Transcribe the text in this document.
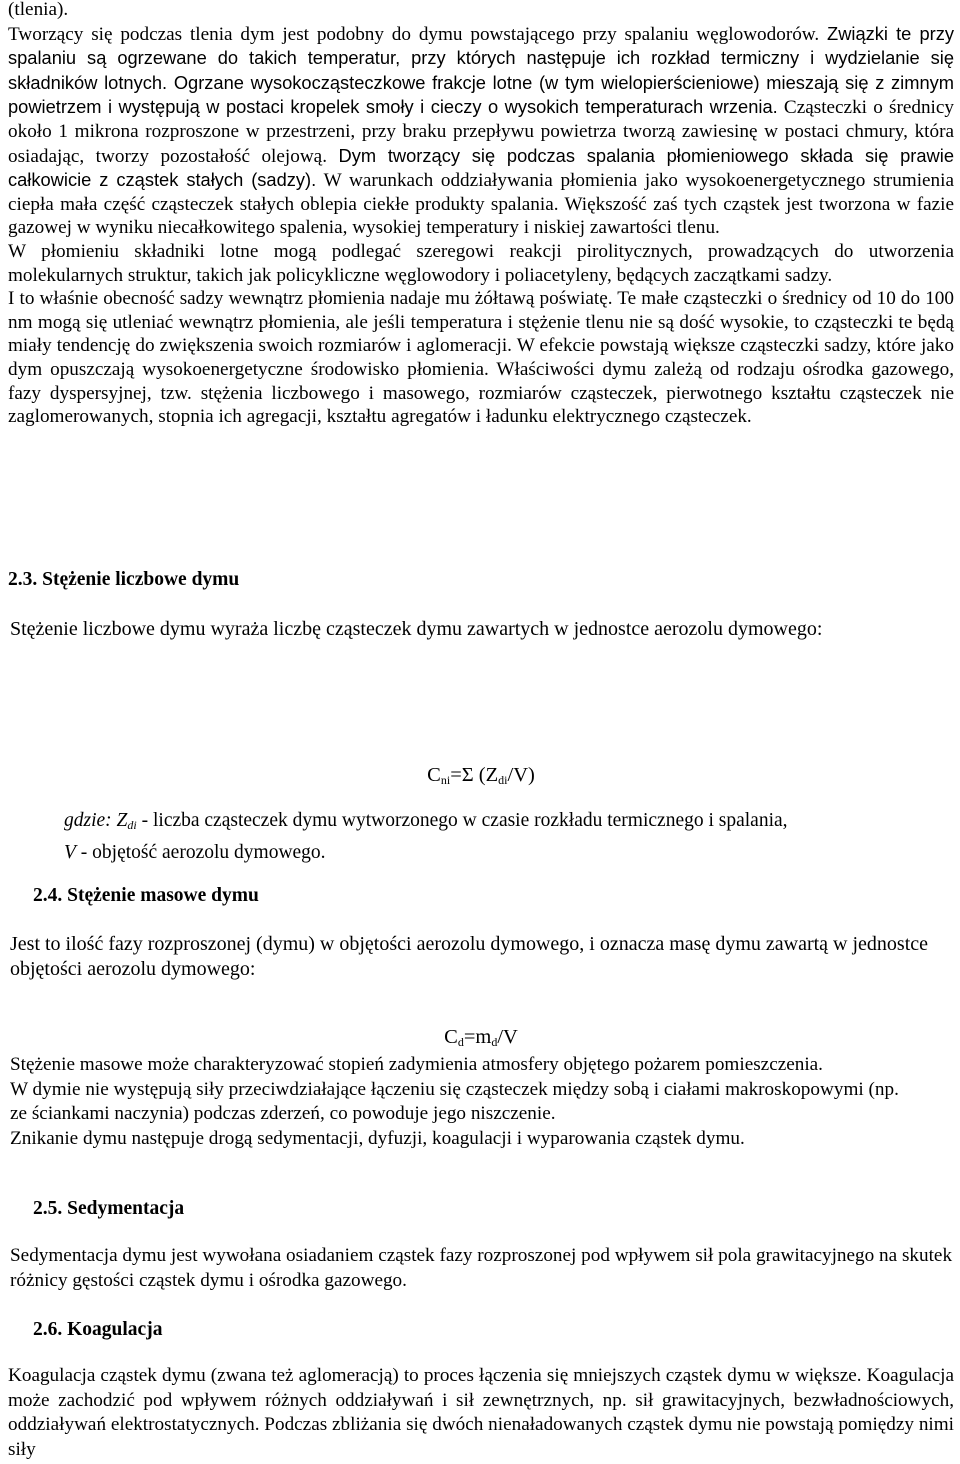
(tlenia).

Tworzący się podczas tlenia dym jest podobny do dymu powstającego przy spalaniu węglowodorów. Związki te przy spalaniu są ogrzewane do takich temperatur, przy których następuje ich rozkład termiczny i wydzielanie się składników lotnych. Ogrzane wysokocząsteczkowe frakcje lotne (w tym wielopierścieniowe) mieszają się z zimnym powietrzem i występują w postaci kropelek smoły i cieczy o wysokich temperaturach wrzenia. Cząsteczki o średnicy około 1 mikrona rozproszone w przestrzeni, przy braku przepływu powietrza tworzą zawiesinę w postaci chmury, która osiadając, tworzy pozostałość olejową. Dym tworzący się podczas spalania płomieniowego składa się prawie całkowicie z cząstek stałych (sadzy). W warunkach oddziaływania płomienia jako wysokoenergetycznego strumienia ciepła mała część cząsteczek stałych oblepia ciekłe produkty spalania. Większość zaś tych cząstek jest tworzona w fazie gazowej w wyniku niecałkowitego spalenia, wysokiej temperatury i niskiej zawartości tlenu.

W płomieniu składniki lotne mogą podlegać szeregowi reakcji pirolitycznych, prowadzących do utworzenia molekularnych struktur, takich jak policykliczne węglowodory i poliacetyleny, będących zaczątkami sadzy.

I to właśnie obecność sadzy wewnątrz płomienia nadaje mu żółtawą poświatę. Te małe cząsteczki o średnicy od 10 do 100 nm mogą się utleniać wewnątrz płomienia, ale jeśli temperatura i stężenie tlenu nie są dość wysokie, to cząsteczki te będą miały tendencję do zwiększenia swoich rozmiarów i aglomeracji. W efekcie powstają większe cząsteczki sadzy, które jako dym opuszczają wysokoenergetyczne środowisko płomienia. Właściwości dymu zależą od rodzaju ośrodka gazowego, fazy dyspersyjnej, tzw. stężenia liczbowego i masowego, rozmiarów cząsteczek, pierwotnego kształtu cząsteczek nie zaglomerowanych, stopnia ich agregacji, kształtu agregatów i ładunku elektrycznego cząsteczek.

2.3. Stężenie liczbowe dymu

Stężenie liczbowe dymu wyraża liczbę cząsteczek dymu zawartych w jednostce aerozolu dymowego:

$C_{ni}=\Sigma$ $(Z_{di}/V)$
gdzie: $Z_{di}$ - liczba cząsteczek dymu wytworzonego w czasie rozkładu termicznego i spalania,
V - objętość aerozolu dymowego.
2.4. Stężenie masowe dymu

Jest to ilość fazy rozproszonej (dymu) w objętości aerozolu dymowego, i oznacza masę dymu zawartą w jednostce objętości aerozolu dymowego:

$C_d=m_d/V$

Stężenie masowe może charakteryzować stopień zadymienia atmosfery objętego pożarem pomieszczenia.

W dymie nie występują siły przeciwdziałające łączeniu się cząsteczek między sobą i ciałami makroskopowymi (np. ze ściankami naczynia) podczas zderzeń, co powoduje jego niszczenie.

Znikanie dymu następuje drogą sedymentacji, dyfuzji, koagulacji i wyparowania cząstek dymu.

2.5. Sedymentacja

Sedymentacja dymu jest wywołana osiadaniem cząstek fazy rozproszonej pod wpływem sił pola grawitacyjnego na skutek różnicy gęstości cząstek dymu i ośrodka gazowego.

2.6. Koagulacja

Koagulacja cząstek dymu (zwana też aglomeracją) to proces łączenia się mniejszych cząstek dymu w większe. Koagulacja może zachodzić pod wpływem różnych oddziaływań i sił zewnętrznych, np. sił grawitacyjnych, bezwładnościowych, oddziaływań elektrostatycznych. Podczas zbliżania się dwóch nienaładowanych cząstek dymu nie powstają pomiędzy nimi siły
